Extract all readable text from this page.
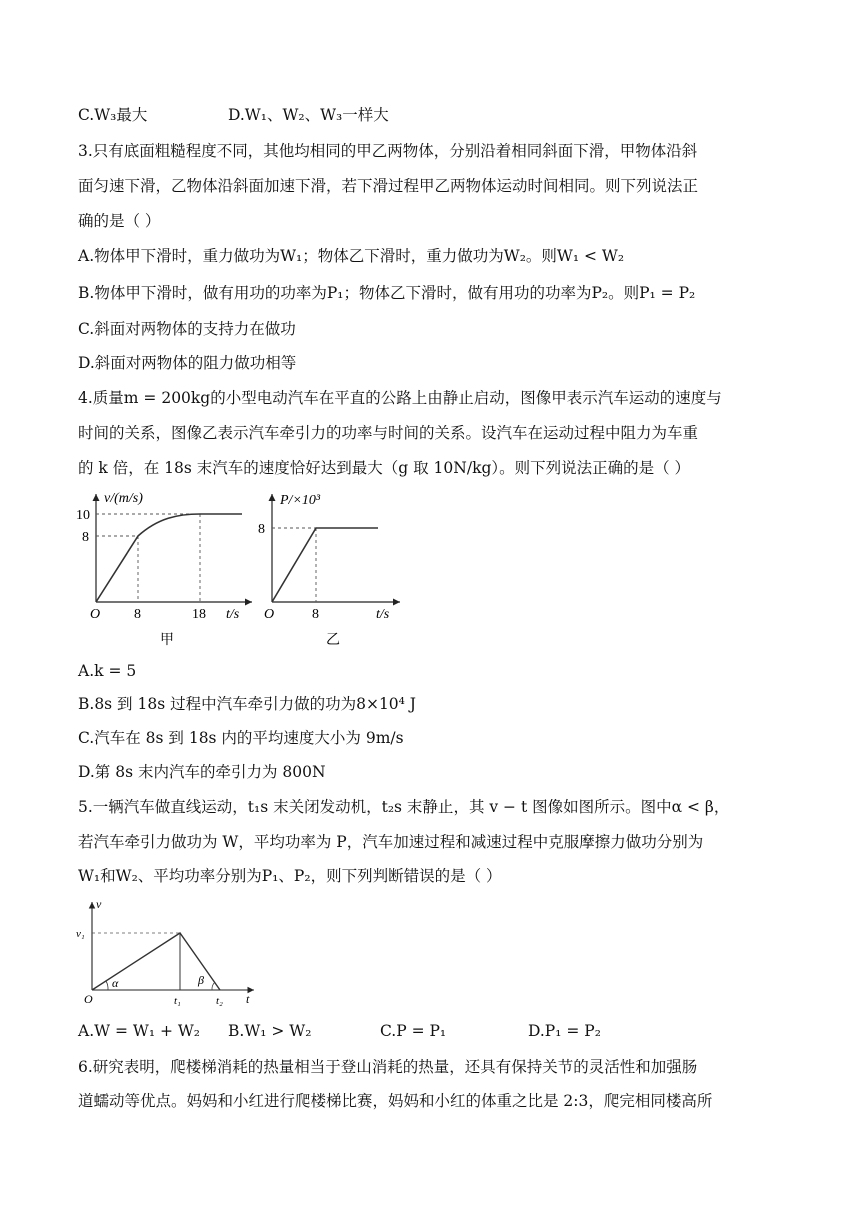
C.W₃最大	D.W₁、W₂、W₃一样大
3.只有底面粗糙程度不同，其他均相同的甲乙两物体，分别沿着相同斜面下滑，甲物体沿斜
面匀速下滑，乙物体沿斜面加速下滑，若下滑过程甲乙两物体运动时间相同。则下列说法正
确的是（ ）
A.物体甲下滑时，重力做功为W₁；物体乙下滑时，重力做功为W₂。则W₁ < W₂
B.物体甲下滑时，做有用功的功率为P₁；物体乙下滑时，做有用功的功率为P₂。则P₁ = P₂
C.斜面对两物体的支持力在做功
D.斜面对两物体的阻力做功相等
4.质量m = 200kg的小型电动汽车在平直的公路上由静止启动，图像甲表示汽车运动的速度与
时间的关系，图像乙表示汽车牵引力的功率与时间的关系。设汽车在运动过程中阻力为车重
的 k 倍，在 18s 末汽车的速度恰好达到最大（g 取 10N/kg）。则下列说法正确的是（ ）
v/(m/s)
10
8
O 8	18 t/s
甲
P/×10³
8
O	8	t/s
乙
A.k = 5
B.8s 到 18s 过程中汽车牵引力做的功为8×10⁴ J
C.汽车在 8s 到 18s 内的平均速度大小为 9m/s
D.第 8s 末内汽车的牵引力为 800N
5.一辆汽车做直线运动，t₁s 末关闭发动机，t₂s 末静止，其 v − t 图像如图所示。图中α < β，
若汽车牵引力做功为 W，平均功率为 P，汽车加速过程和减速过程中克服摩擦力做功分别为
W₁和W₂、平均功率分别为P₁、P₂，则下列判断错误的是（ ）
v
v₁
O
α	β
t₁	t₂ t
A.W = W₁ + W₂ B.W₁ > W₂	C.P = P₁	D.P₁ = P₂
6.研究表明，爬楼梯消耗的热量相当于登山消耗的热量，还具有保持关节的灵活性和加强肠
道蠕动等优点。妈妈和小红进行爬楼梯比赛，妈妈和小红的体重之比是 2:3，爬完相同楼高所
